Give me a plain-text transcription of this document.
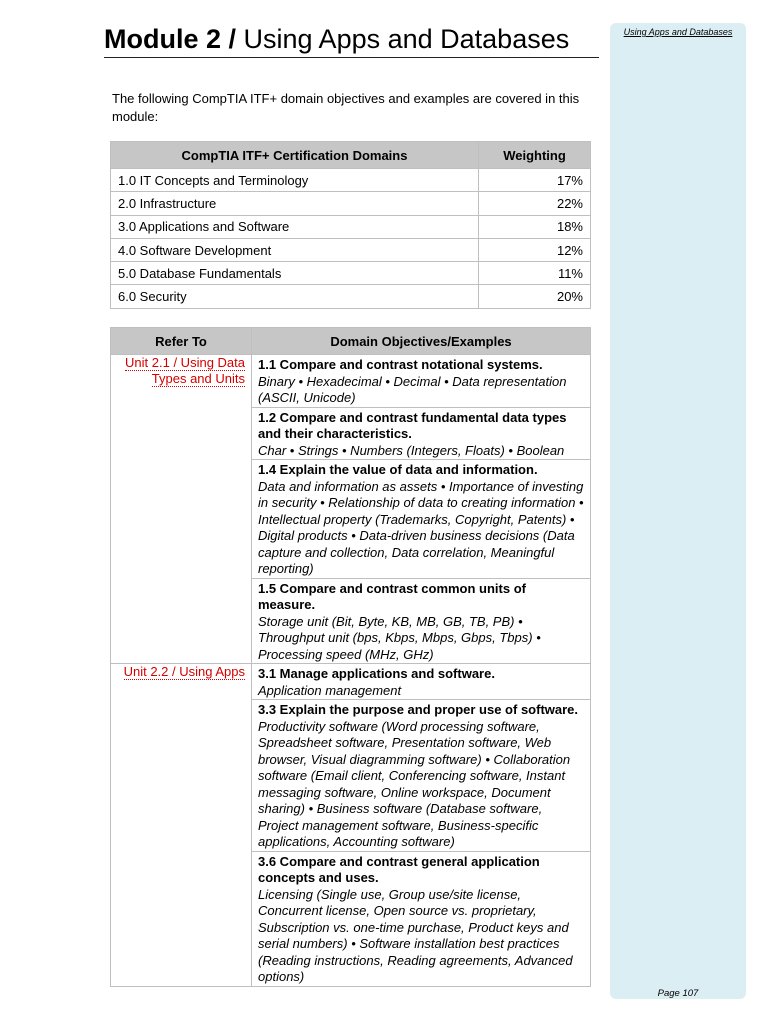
Module 2 / Using Apps and Databases	Using Apps and Databases
Page 107

The following CompTIA ITF+ domain objectives and examples are covered in this module:

CompTIA ITF+ Certification Domains	Weighting
1.0 IT Concepts and Terminology	17%
2.0 Infrastructure	22%
3.0 Applications and Software	18%
4.0 Software Development	12%
5.0 Database Fundamentals	11%
6.0 Security	20%
Refer To	Domain Objectives/Examples
Unit 2.1 / Using Data Types and Units	1.1 Compare and contrast notational systems.
Binary • Hexadecimal • Decimal • Data representation (ASCII, Unicode)

	1.2 Compare and contrast fundamental data types and their characteristics.
Char • Strings • Numbers (Integers, Floats) • Boolean

	1.4 Explain the value of data and information.
Data and information as assets • Importance of investing in security • Relationship of data to creating information • Intellectual property (Trademarks, Copyright, Patents) • Digital products • Data-driven business decisions (Data capture and collection, Data correlation, Meaningful reporting)

	1.5 Compare and contrast common units of measure.
Storage unit (Bit, Byte, KB, MB, GB, TB, PB) • Throughput unit (bps, Kbps, Mbps, Gbps, Tbps) • Processing speed (MHz, GHz)

Unit 2.2 / Using Apps	3.1 Manage applications and software.
Application management

	3.3 Explain the purpose and proper use of software.
Productivity software (Word processing software, Spreadsheet software, Presentation software, Web browser, Visual diagramming software) • Collaboration software (Email client, Conferencing software, Instant messaging software, Online workspace, Document sharing) • Business software (Database software, Project management software, Business-specific applications, Accounting software)

	3.6 Compare and contrast general application concepts and uses.
Licensing (Single use, Group use/site license, Concurrent license, Open source vs. proprietary, Subscription vs. one-time purchase, Product keys and serial numbers) • Software installation best practices (Reading instructions, Reading agreements, Advanced options)
